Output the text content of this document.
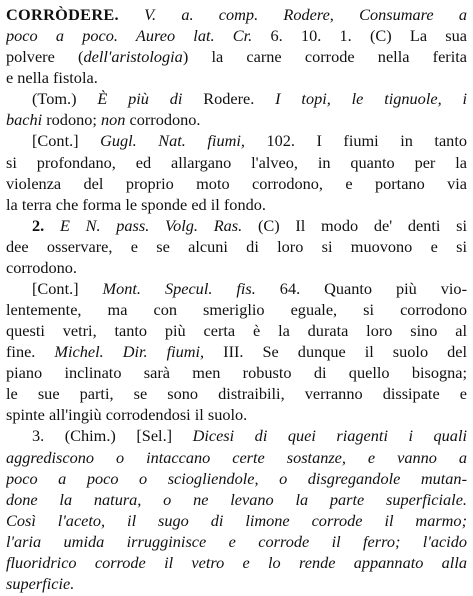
CORRÒDERE. V. a. comp. Rodere, Consumare a
poco a poco. Aureo lat. Cr. 6. 10. 1. (C) La sua
polvere (dell'aristologia) la carne corrode nella ferita
e nella fistola.
(Tom.) È più di Rodere. I topi, le tignuole, i
bachi rodono; non corrodono.
[Cont.] Gugl. Nat. fiumi, 102. I fiumi in tanto
si profondano, ed allargano l'alveo, in quanto per la
violenza del proprio moto corrodono, e portano via
la terra che forma le sponde ed il fondo.
2. E N. pass. Volg. Ras. (C) Il modo de' denti si
dee osservare, e se alcuni di loro si muovono e si
corrodono.
[Cont.] Mont. Specul. fis. 64. Quanto più vio-
lentemente, ma con smeriglio eguale, si corrodono
questi vetri, tanto più certa è la durata loro sino al
fine. Michel. Dir. fiumi, III. Se dunque il suolo del
piano inclinato sarà men robusto di quello bisogna;
le sue parti, se sono distraibili, verranno dissipate e
spinte all'ingiù corrodendosi il suolo.
3. (Chim.) [Sel.] Dicesi di quei riagenti i quali
aggrediscono o intaccano certe sostanze, e vanno a
poco a poco o sciogliendole, o disgregandole mutan-
done la natura, o ne levano la parte superficiale.
Così l'aceto, il sugo di limone corrode il marmo;
l'aria umida irrugginisce e corrode il ferro; l'acido
fluoridrico corrode il vetro e lo rende appannato alla
superficie.
